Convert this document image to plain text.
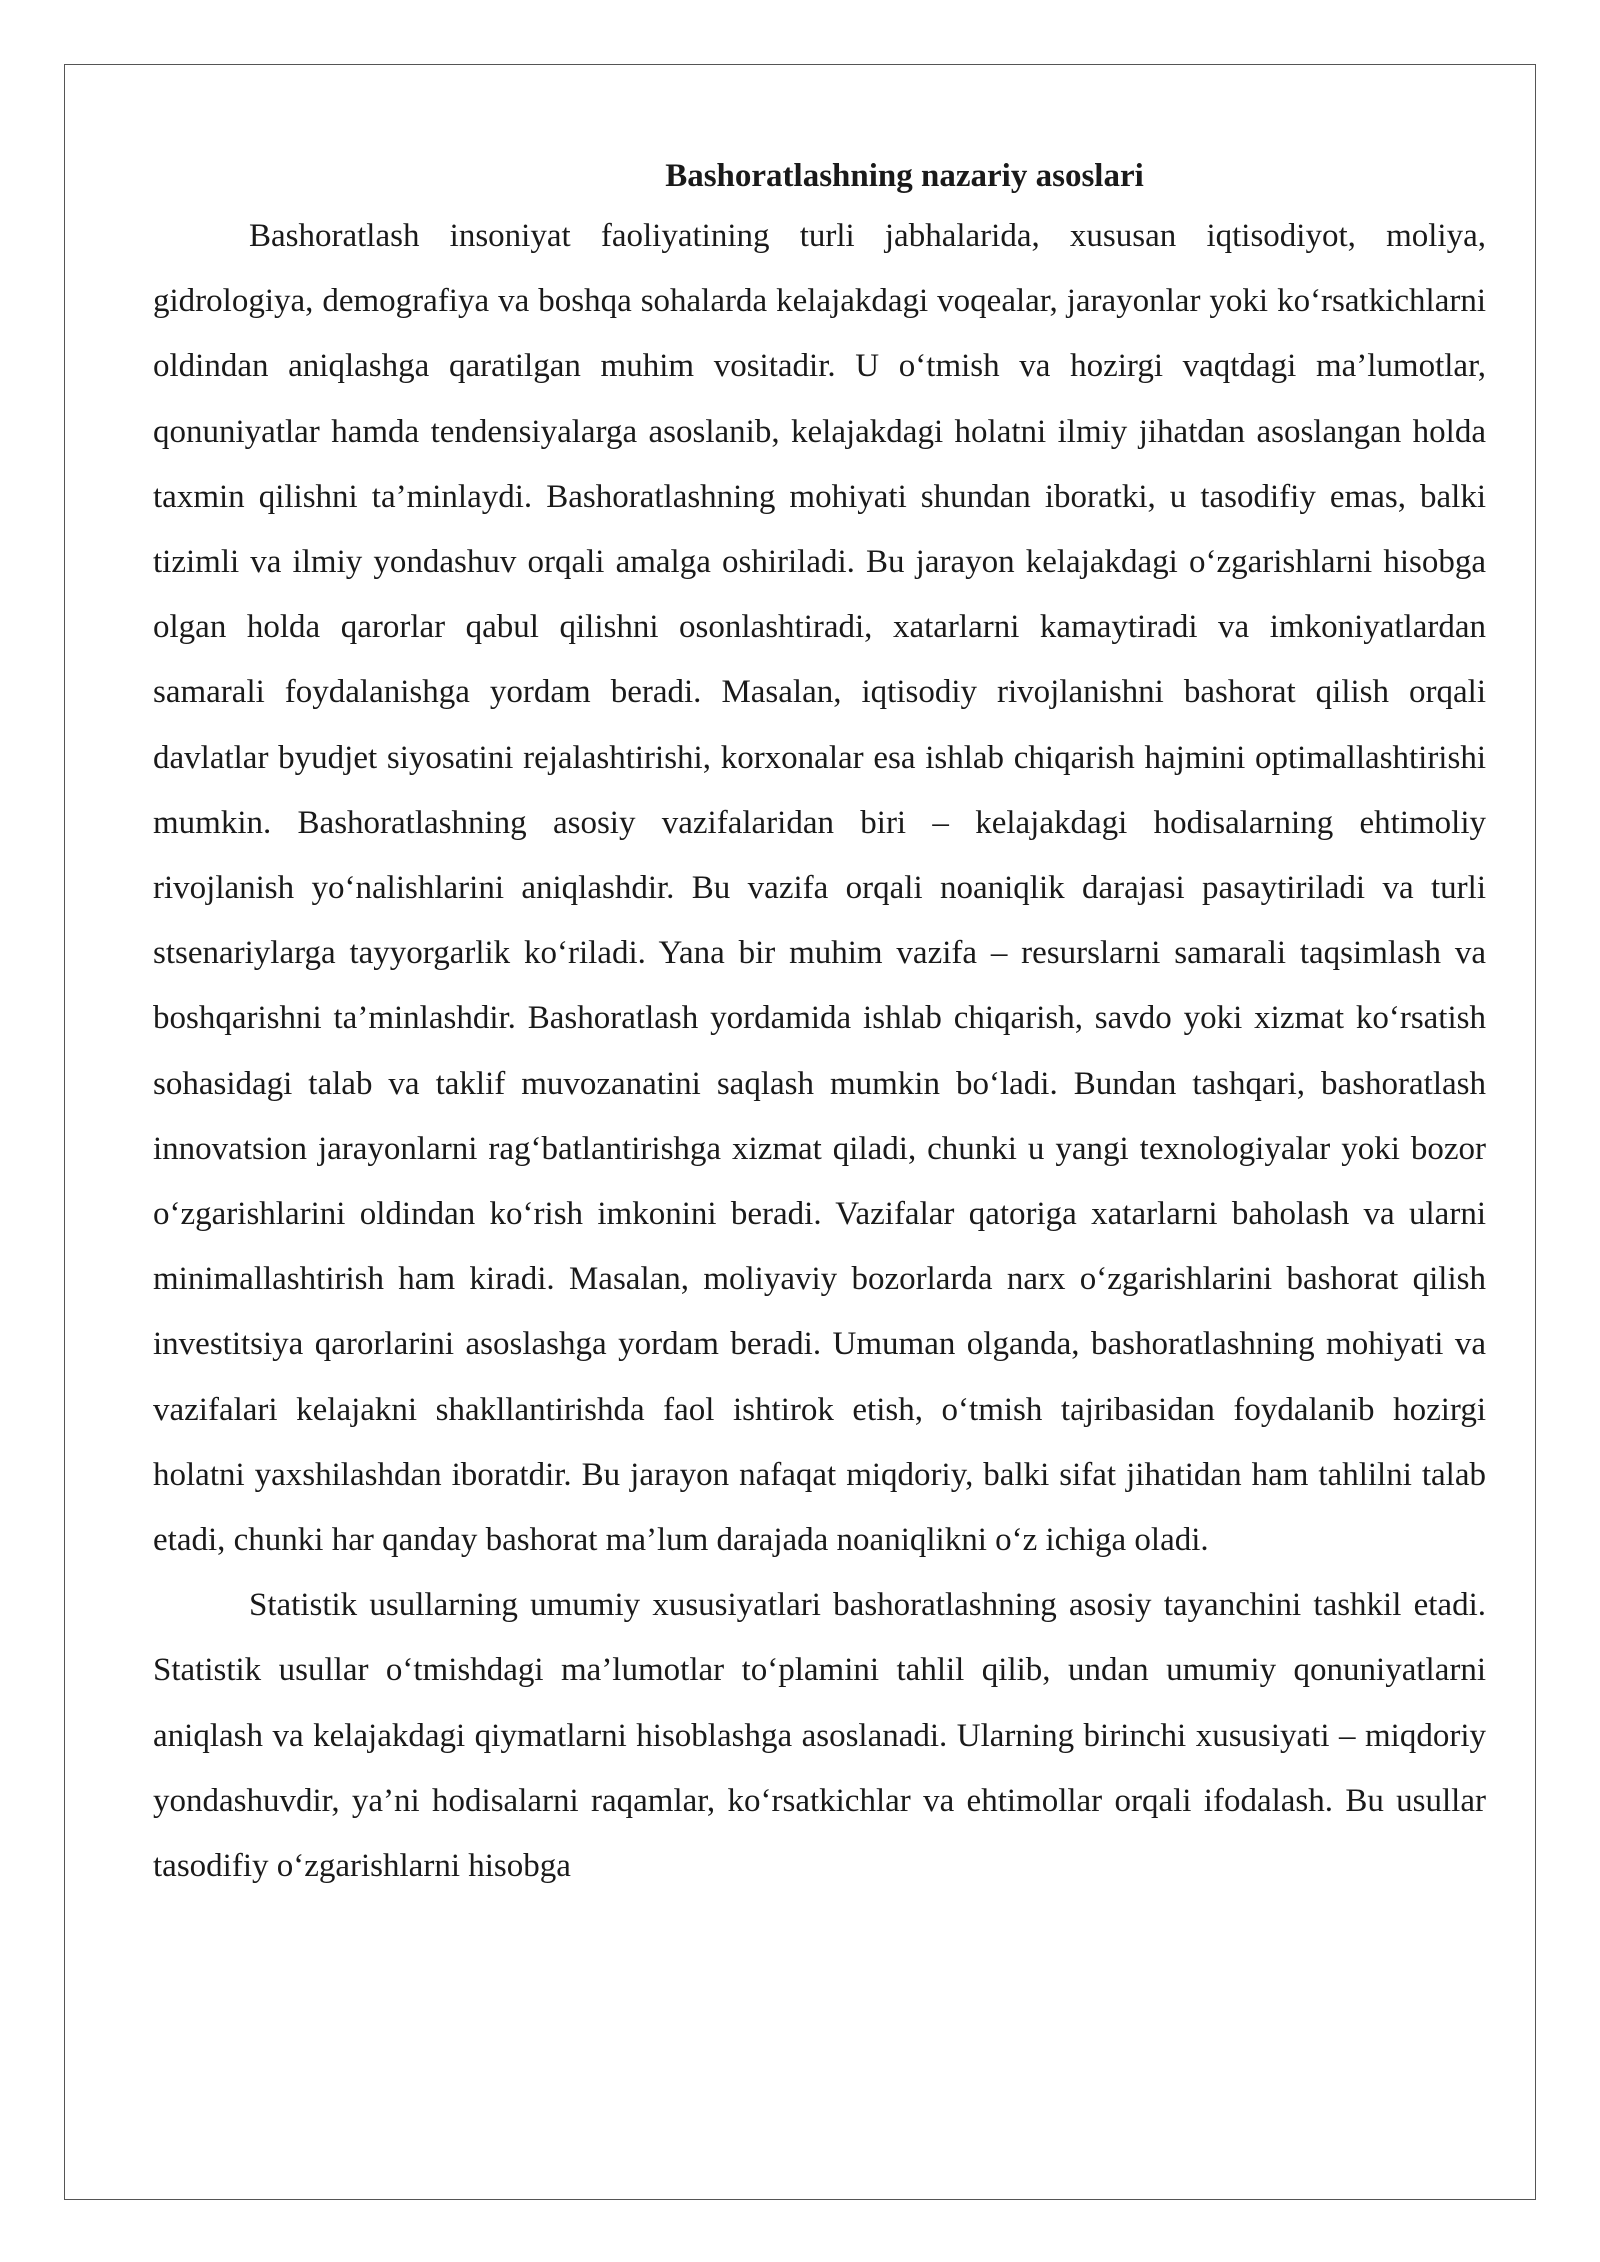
Bashoratlashning nazariy asoslari

Bashoratlash insoniyat faoliyatining turli jabhalarida, xususan iqtisodiyot, moliya, gidrologiya, demografiya va boshqa sohalarda kelajakdagi voqealar, jarayonlar yoki ko‘rsatkichlarni oldindan aniqlashga qaratilgan muhim vositadir. U o‘tmish va hozirgi vaqtdagi ma’lumotlar, qonuniyatlar hamda tendensiyalarga asoslanib, kelajakdagi holatni ilmiy jihatdan asoslangan holda taxmin qilishni ta’minlaydi. Bashoratlashning mohiyati shundan iboratki, u tasodifiy emas, balki tizimli va ilmiy yondashuv orqali amalga oshiriladi. Bu jarayon kelajakdagi o‘zgarishlarni hisobga olgan holda qarorlar qabul qilishni osonlashtiradi, xatarlarni kamaytiradi va imkoniyatlardan samarali foydalanishga yordam beradi. Masalan, iqtisodiy rivojlanishni bashorat qilish orqali davlatlar byudjet siyosatini rejalashtirishi, korxonalar esa ishlab chiqarish hajmini optimallashtirishi mumkin. Bashoratlashning asosiy vazifalaridan biri – kelajakdagi hodisalarning ehtimoliy rivojlanish yo‘nalishlarini aniqlashdir. Bu vazifa orqali noaniqlik darajasi pasaytiriladi va turli stsenariylarga tayyorgarlik ko‘riladi. Yana bir muhim vazifa – resurslarni samarali taqsimlash va boshqarishni ta’minlashdir. Bashoratlash yordamida ishlab chiqarish, savdo yoki xizmat ko‘rsatish sohasidagi talab va taklif muvozanatini saqlash mumkin bo‘ladi. Bundan tashqari, bashoratlash innovatsion jarayonlarni rag‘batlantirishga xizmat qiladi, chunki u yangi texnologiyalar yoki bozor o‘zgarishlarini oldindan ko‘rish imkonini beradi. Vazifalar qatoriga xatarlarni baholash va ularni minimallashtirish ham kiradi. Masalan, moliyaviy bozorlarda narx o‘zgarishlarini bashorat qilish investitsiya qarorlarini asoslashga yordam beradi. Umuman olganda, bashoratlashning mohiyati va vazifalari kelajakni shakllantirishda faol ishtirok etish, o‘tmish tajribasidan foydalanib hozirgi holatni yaxshilashdan iboratdir. Bu jarayon nafaqat miqdoriy, balki sifat jihatidan ham tahlilni talab etadi, chunki har qanday bashorat ma’lum darajada noaniqlikni o‘z ichiga oladi.

Statistik usullarning umumiy xususiyatlari bashoratlashning asosiy tayanchini tashkil etadi. Statistik usullar o‘tmishdagi ma’lumotlar to‘plamini tahlil qilib, undan umumiy qonuniyatlarni aniqlash va kelajakdagi qiymatlarni hisoblashga asoslanadi. Ularning birinchi xususiyati – miqdoriy yondashuvdir, ya’ni hodisalarni raqamlar, ko‘rsatkichlar va ehtimollar orqali ifodalash. Bu usullar tasodifiy o‘zgarishlarni hisobga
